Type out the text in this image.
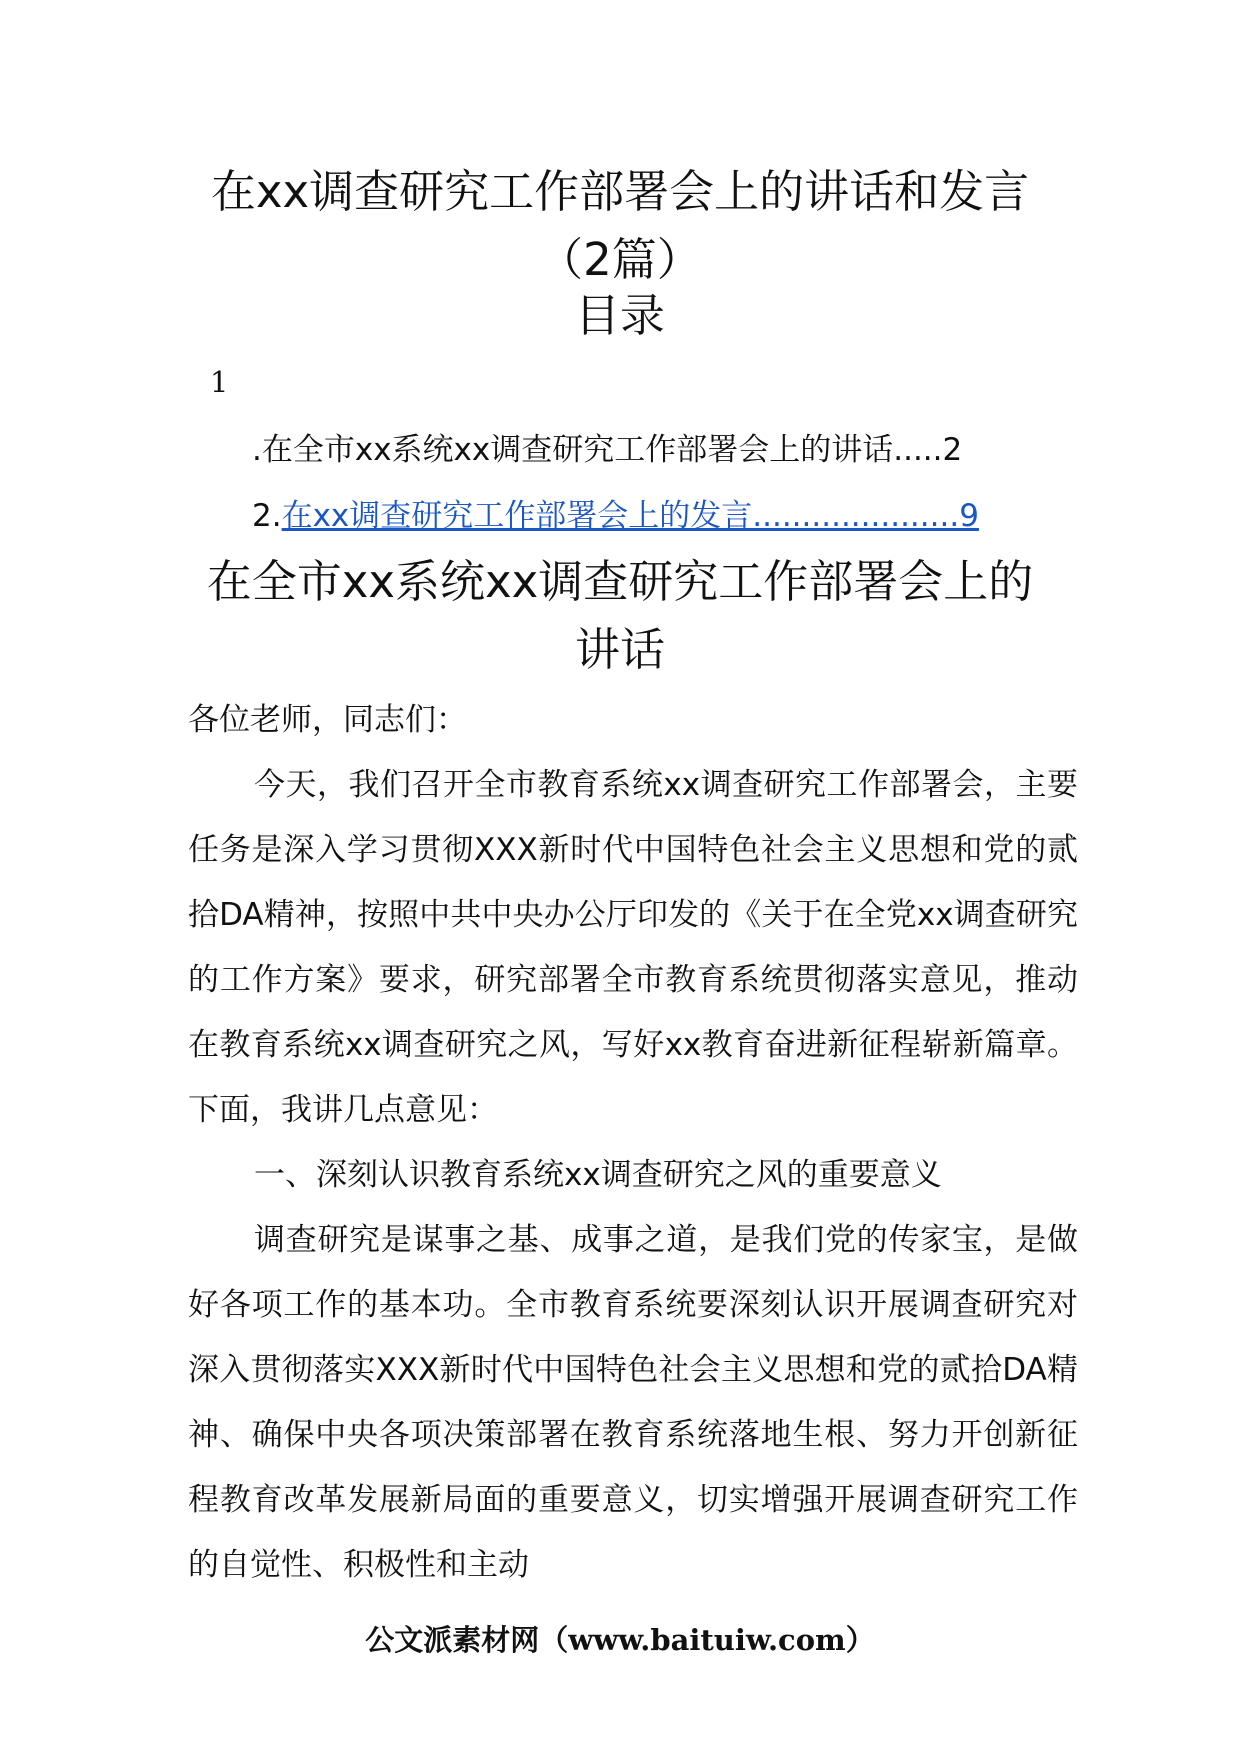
在xx调查研究工作部署会上的讲话和发言
（2篇）
目录
1
.在全市xx系统xx调查研究工作部署会上的讲话.....2
2.在xx调查研究工作部署会上的发言.....................9
在全市xx系统xx调查研究工作部署会上的
讲话

各位老师，同志们：

今天，我们召开全市教育系统xx调查研究工作部署会，主要任务是深入学习贯彻XXX新时代中国特色社会主义思想和党的贰拾DA精神，按照中共中央办公厅印发的《关于在全党xx调查研究的工作方案》要求，研究部署全市教育系统贯彻落实意见，推动在教育系统xx调查研究之风，写好xx教育奋进新征程崭新篇章。下面，我讲几点意见：

一、深刻认识教育系统xx调查研究之风的重要意义

调查研究是谋事之基、成事之道，是我们党的传家宝，是做好各项工作的基本功。全市教育系统要深刻认识开展调查研究对深入贯彻落实XXX新时代中国特色社会主义思想和党的贰拾DA精神、确保中央各项决策部署在教育系统落地生根、努力开创新征程教育改革发展新局面的重要意义，切实增强开展调查研究工作的自觉性、积极性和主动

公文派素材网（www.baituiw.com）
